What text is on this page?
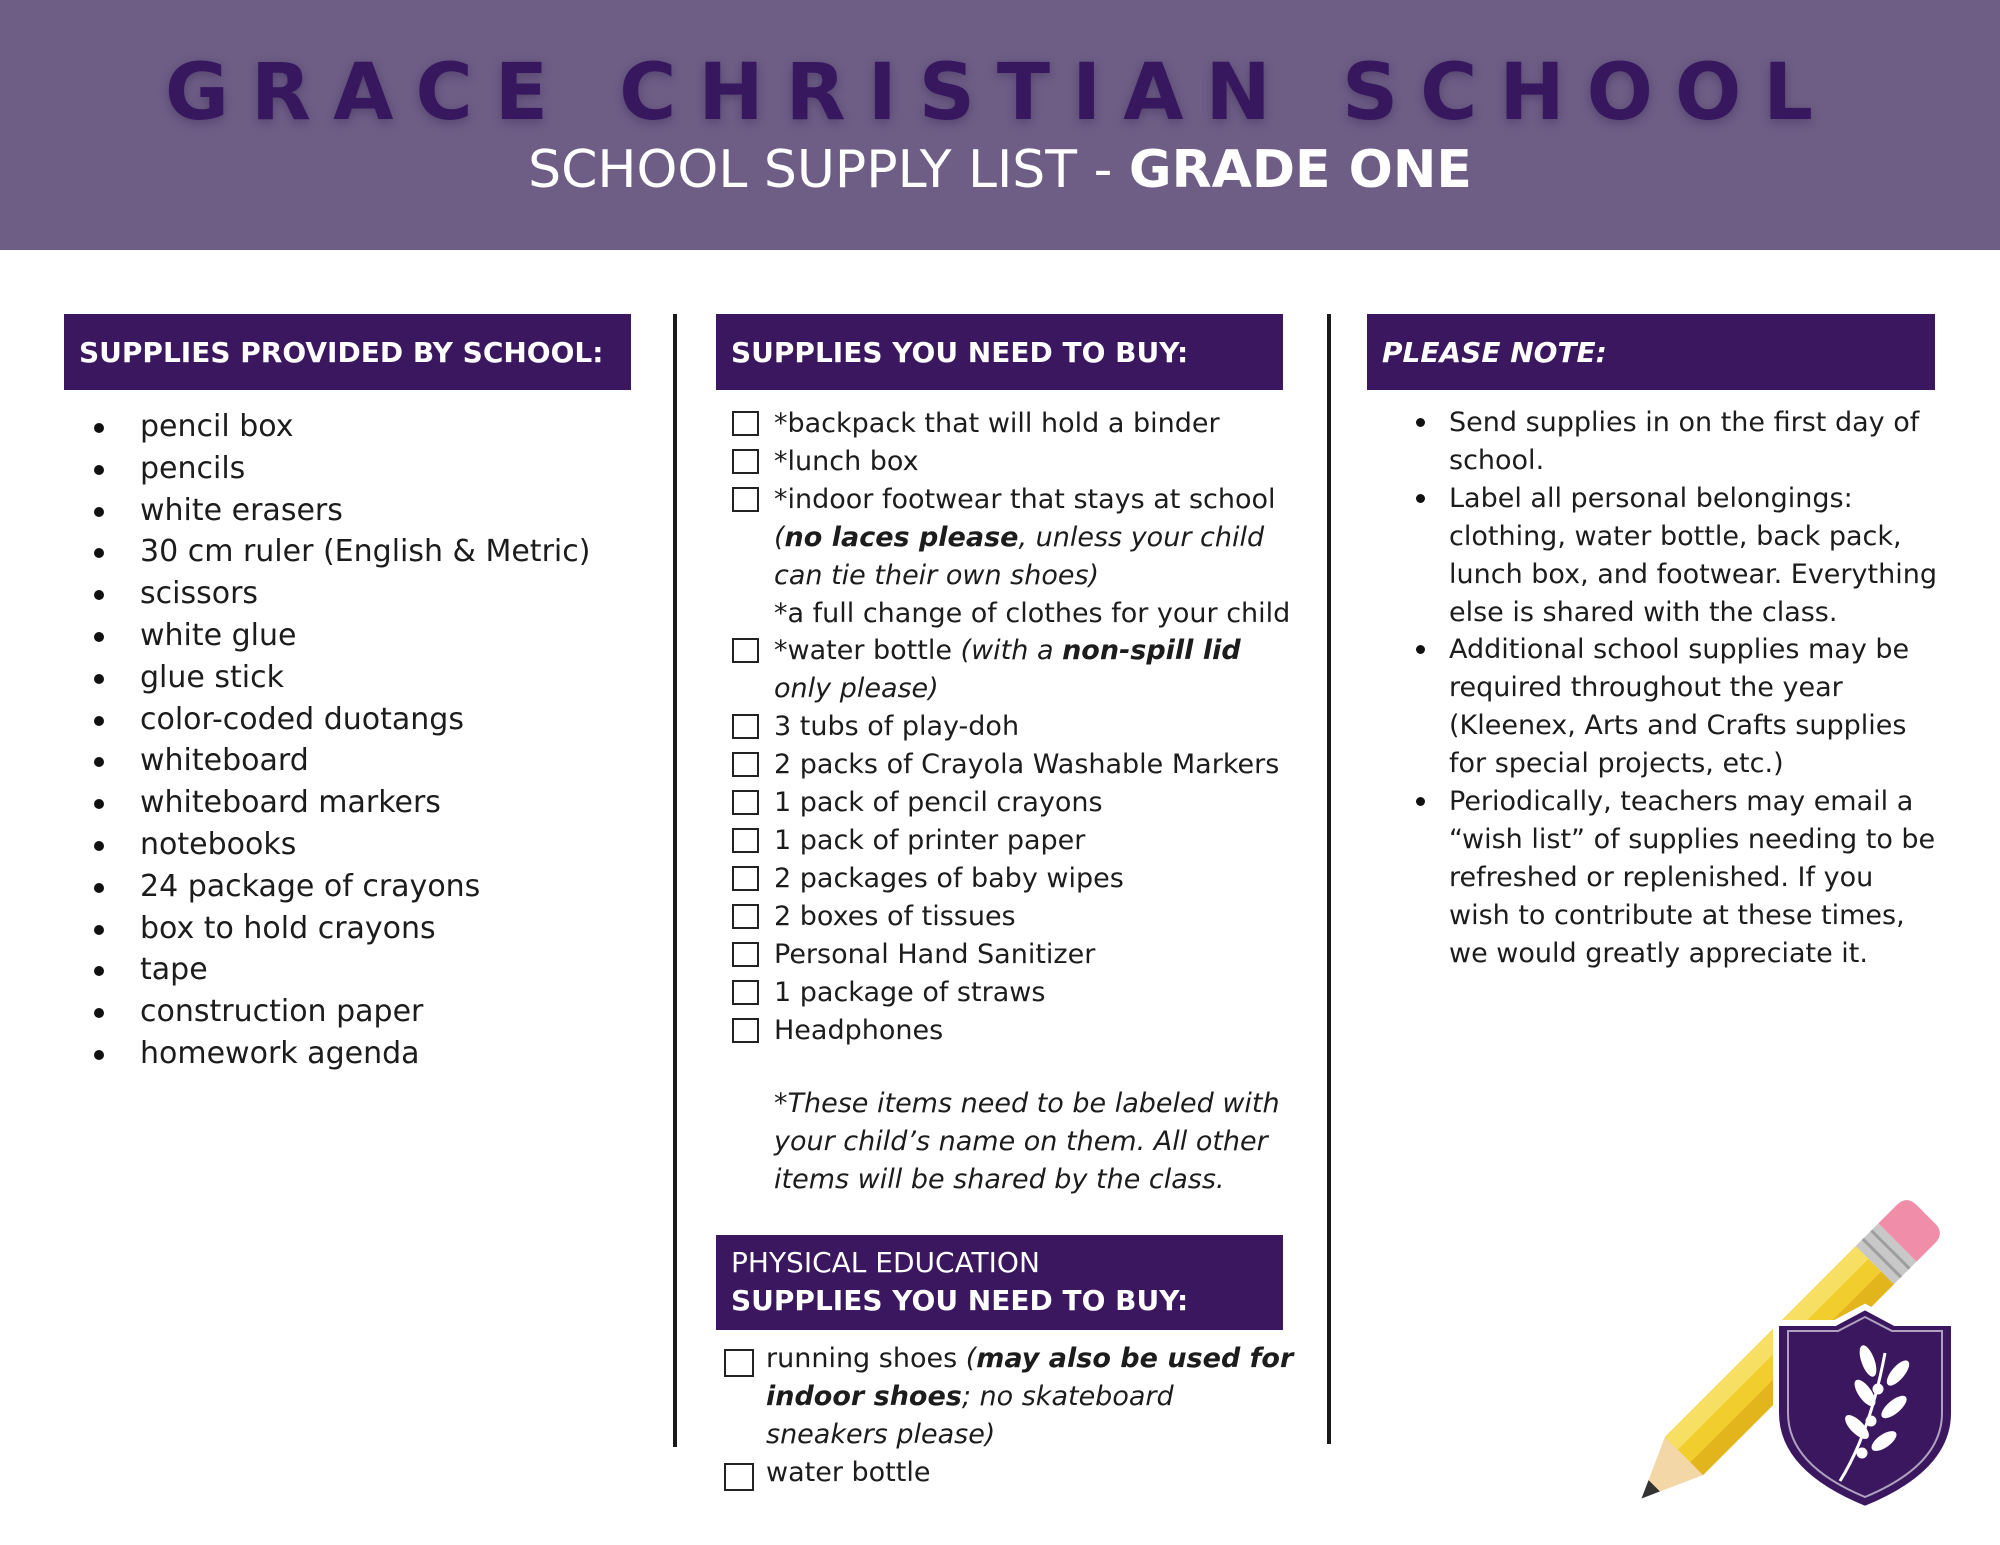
GRACE CHRISTIAN SCHOOL
SCHOOL SUPPLY LIST - GRADE ONE
SUPPLIES PROVIDED BY SCHOOL:	SUPPLIES YOU NEED TO BUY:	PLEASE NOTE:
pencil box
pencils
white erasers
30 cm ruler (English & Metric)
scissors
white glue
glue stick
color-coded duotangs
whiteboard
whiteboard markers
notebooks
24 package of crayons
box to hold crayons
tape
construction paper
homework agenda
*backpack that will hold a binder
*lunch box
*indoor footwear that stays at school
(no laces please, unless your child can tie their own shoes)
*a full change of clothes for your child
*water bottle (with a non-spill lid only please)
3 tubs of play-doh
2 packs of Crayola Washable Markers
1 pack of pencil crayons
1 pack of printer paper
2 packages of baby wipes
2 boxes of tissues
Personal Hand Sanitizer
1 package of straws
Headphones
*These items need to be labeled with your child’s name on them. All other items will be shared by the class.
PHYSICAL EDUCATION
SUPPLIES YOU NEED TO BUY:
running shoes (may also be used for indoor shoes; no skateboard sneakers please)
water bottle
Send supplies in on the first day of school.
Label all personal belongings: clothing, water bottle, back pack, lunch box, and footwear. Everything else is shared with the class.
Additional school supplies may be required throughout the year (Kleenex, Arts and Crafts supplies for special projects, etc.)
Periodically, teachers may email a “wish list” of supplies needing to be refreshed or replenished. If you wish to contribute at these times, we would greatly appreciate it.
